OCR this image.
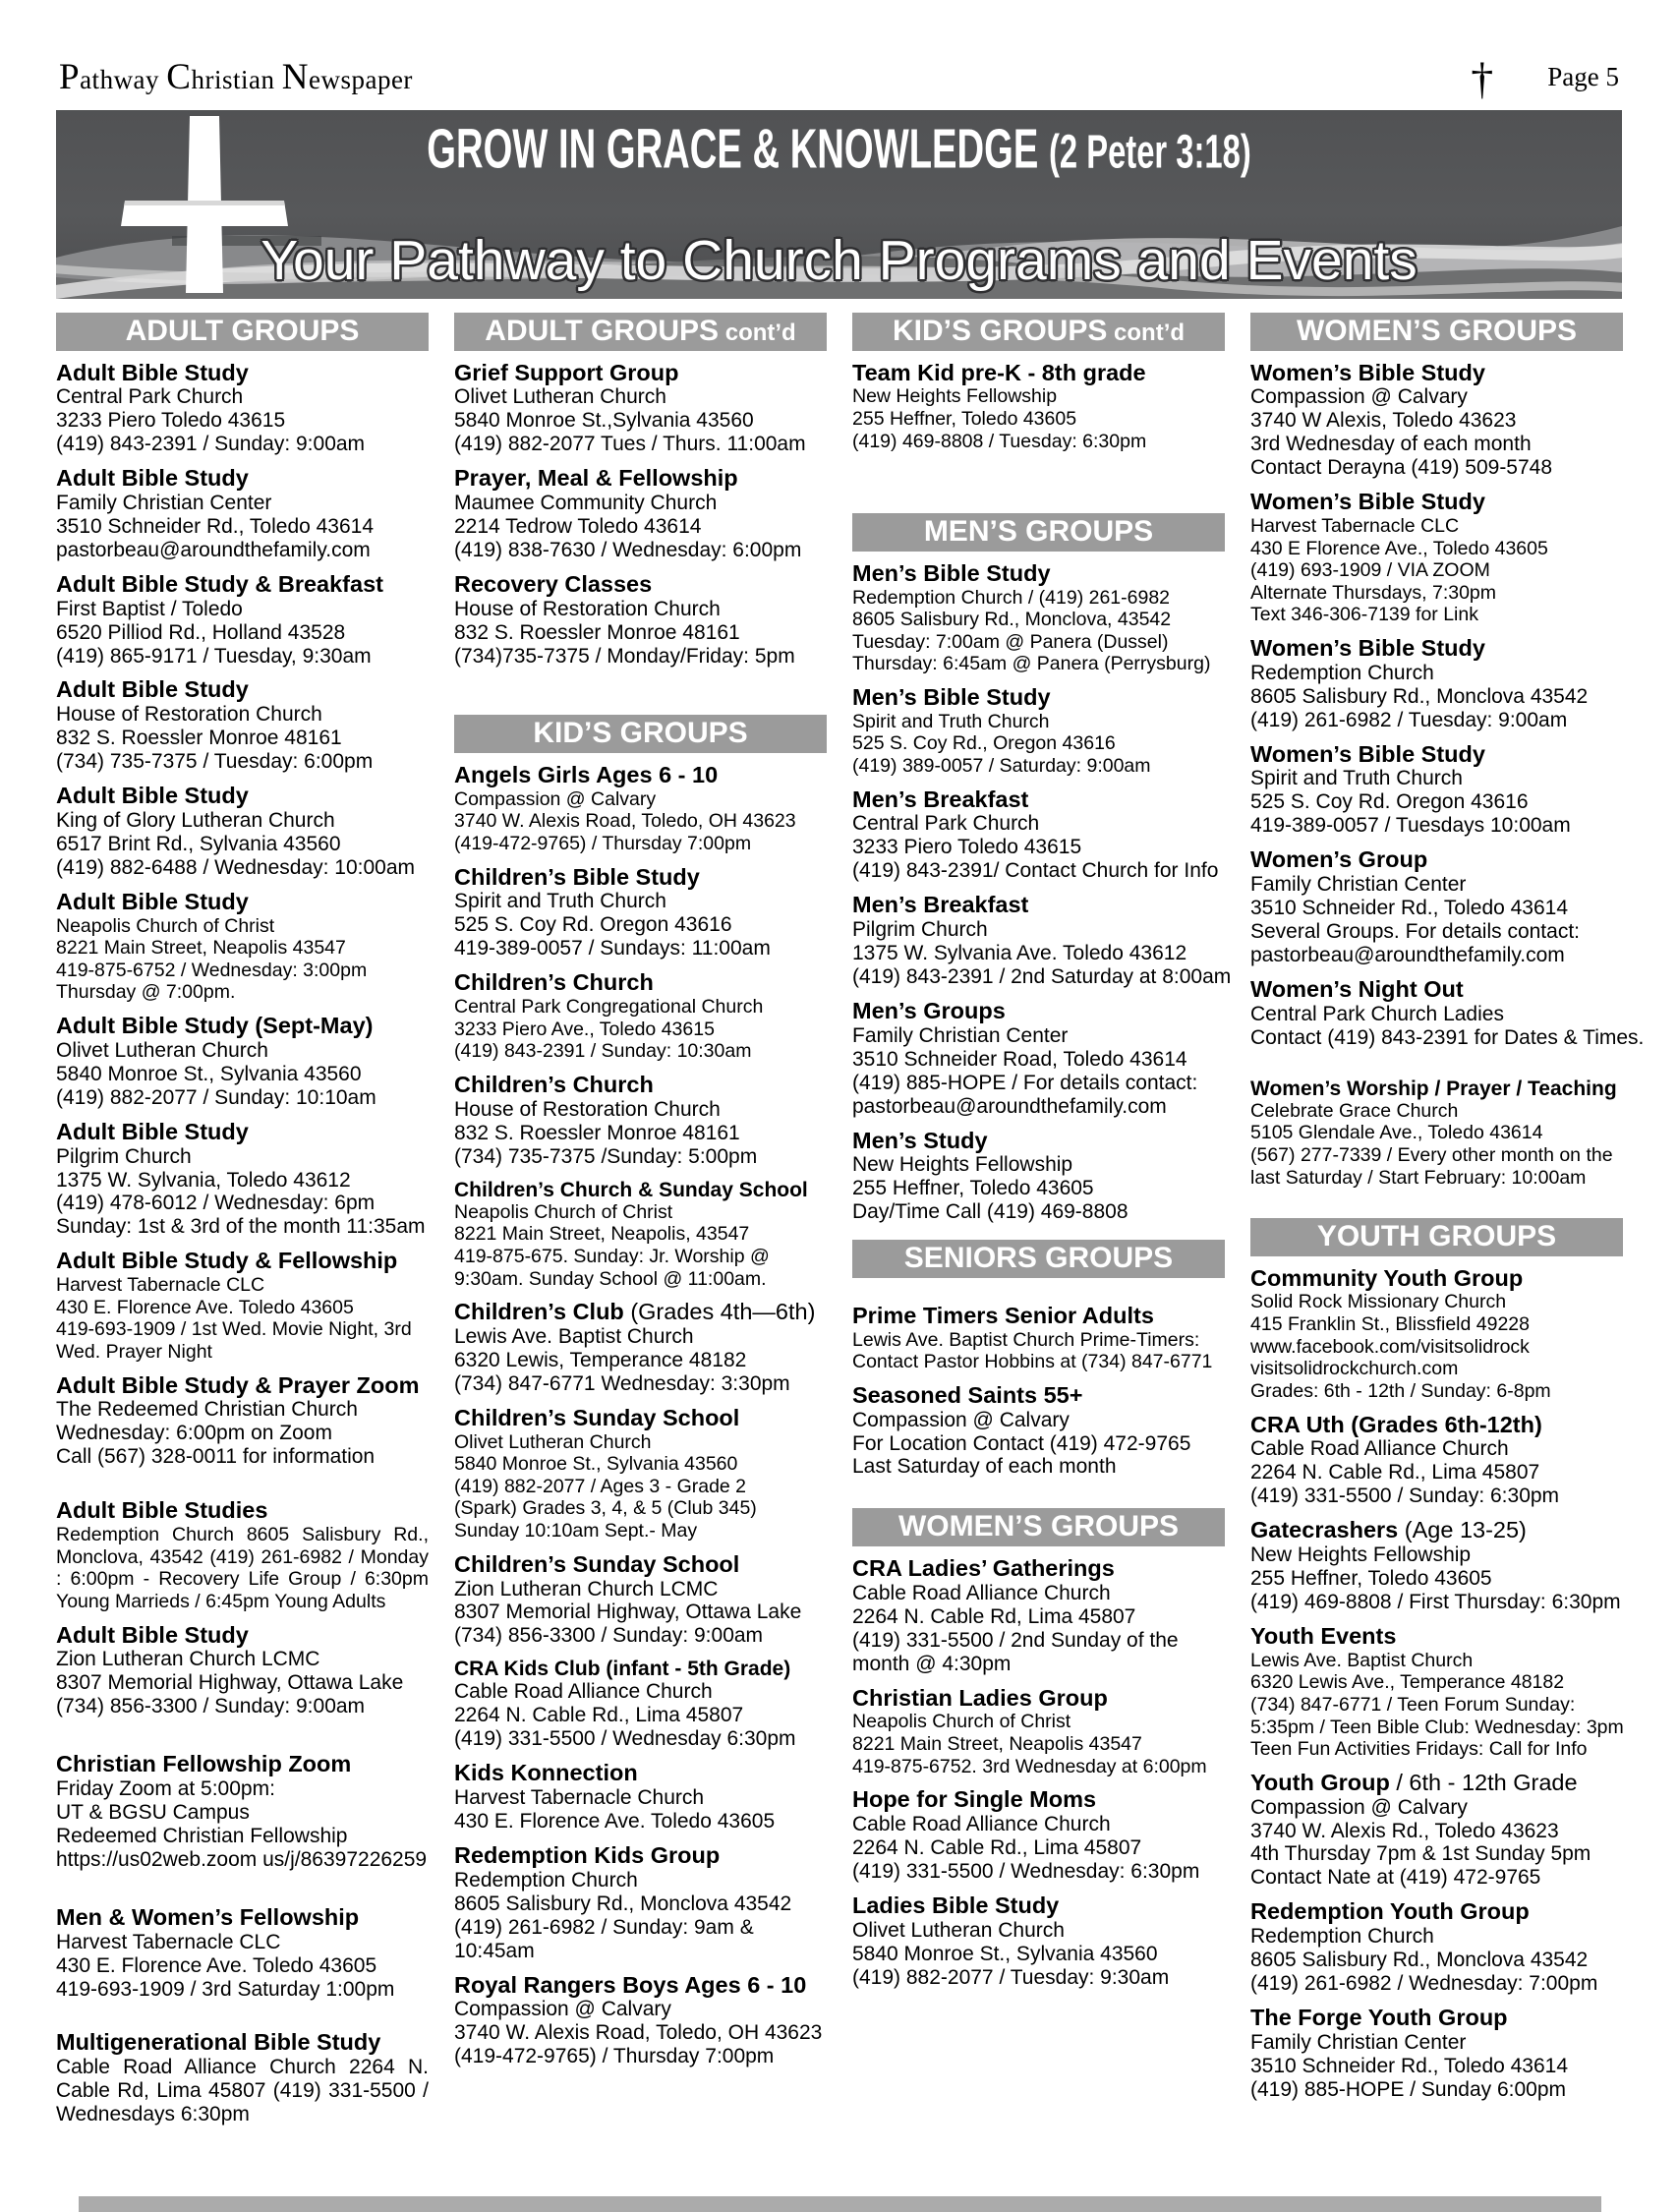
Pathway Christian Newspaper	† Page 5
GROW IN GRACE & KNOWLEDGE (2 Peter 3:18)
Your Pathway to Church Programs and Events
ADULT GROUPS
Adult Bible Study
Central Park Church
3233 Piero Toledo 43615
(419) 843-2391 / Sunday: 9:00am
Adult Bible Study
Family Christian Center
3510 Schneider Rd., Toledo 43614
pastorbeau@aroundthefamily.com
Adult Bible Study & Breakfast
First Baptist / Toledo
6520 Pilliod Rd., Holland 43528
(419) 865-9171 / Tuesday, 9:30am
Adult Bible Study
House of Restoration Church
832 S. Roessler Monroe 48161
(734) 735-7375 / Tuesday: 6:00pm
Adult Bible Study
King of Glory Lutheran Church
6517 Brint Rd., Sylvania 43560
(419) 882-6488 / Wednesday: 10:00am
Adult Bible Study
Neapolis Church of Christ
8221 Main Street, Neapolis 43547
419-875-6752 / Wednesday: 3:00pm
Thursday @ 7:00pm.
Adult Bible Study (Sept-May)
Olivet Lutheran Church
5840 Monroe St., Sylvania 43560
(419) 882-2077 / Sunday: 10:10am
Adult Bible Study
Pilgrim Church
1375 W. Sylvania, Toledo 43612
(419) 478-6012 / Wednesday: 6pm
Sunday: 1st & 3rd of the month 11:35am
Adult Bible Study & Fellowship
Harvest Tabernacle CLC
430 E. Florence Ave. Toledo 43605
419-693-1909 / 1st Wed. Movie Night, 3rd
Wed. Prayer Night
Adult Bible Study & Prayer Zoom
The Redeemed Christian Church
Wednesday: 6:00pm on Zoom
Call (567) 328-0011 for information
Adult Bible Studies
Redemption Church 8605 Salisbury Rd., Monclova, 43542 (419) 261-6982 / Monday : 6:00pm - Recovery Life Group / 6:30pm Young Marrieds / 6:45pm Young Adults
Adult Bible Study
Zion Lutheran Church LCMC
8307 Memorial Highway, Ottawa Lake
(734) 856-3300 / Sunday: 9:00am
Christian Fellowship Zoom
Friday Zoom at 5:00pm:
UT & BGSU Campus
Redeemed Christian Fellowship
https://us02web.zoom us/j/86397226259
Men & Women’s Fellowship
Harvest Tabernacle CLC
430 E. Florence Ave. Toledo 43605
419-693-1909 / 3rd Saturday 1:00pm
Multigenerational Bible Study
Cable Road Alliance Church 2264 N. Cable Rd, Lima 45807 (419) 331-5500 / Wednesdays 6:30pm
ADULT GROUPS cont’d
Grief Support Group
Olivet Lutheran Church
5840 Monroe St.,Sylvania 43560
(419) 882-2077 Tues / Thurs. 11:00am
Prayer, Meal & Fellowship
Maumee Community Church
2214 Tedrow Toledo 43614
(419) 838-7630 / Wednesday: 6:00pm
Recovery Classes
House of Restoration Church
832 S. Roessler Monroe 48161
(734)735-7375 / Monday/Friday: 5pm
KID’S GROUPS
Angels Girls Ages 6 - 10
Compassion @ Calvary
3740 W. Alexis Road, Toledo, OH 43623
(419-472-9765) / Thursday 7:00pm
Children’s Bible Study
Spirit and Truth Church
525 S. Coy Rd. Oregon 43616
419-389-0057 / Sundays: 11:00am
Children’s Church
Central Park Congregational Church
3233 Piero Ave., Toledo 43615
(419) 843-2391 / Sunday: 10:30am
Children’s Church
House of Restoration Church
832 S. Roessler Monroe 48161
(734) 735-7375 /Sunday: 5:00pm
Children’s Church & Sunday School
Neapolis Church of Christ
8221 Main Street, Neapolis, 43547
419-875-675. Sunday: Jr. Worship @
9:30am. Sunday School @ 11:00am.
Children’s Club (Grades 4th—6th)
Lewis Ave. Baptist Church
6320 Lewis, Temperance 48182
(734) 847-6771 Wednesday: 3:30pm
Children’s Sunday School
Olivet Lutheran Church
5840 Monroe St., Sylvania 43560
(419) 882-2077 / Ages 3 - Grade 2
(Spark) Grades 3, 4, & 5 (Club 345)
Sunday 10:10am Sept.- May
Children’s Sunday School
Zion Lutheran Church LCMC
8307 Memorial Highway, Ottawa Lake
(734) 856-3300 / Sunday: 9:00am
CRA Kids Club (infant - 5th Grade)
Cable Road Alliance Church
2264 N. Cable Rd., Lima 45807
(419) 331-5500 / Wednesday 6:30pm
Kids Konnection
Harvest Tabernacle Church
430 E. Florence Ave. Toledo 43605
Redemption Kids Group
Redemption Church
8605 Salisbury Rd., Monclova 43542
(419) 261-6982 / Sunday: 9am &
10:45am
Royal Rangers Boys Ages 6 - 10
Compassion @ Calvary
3740 W. Alexis Road, Toledo, OH 43623
(419-472-9765) / Thursday 7:00pm
KID’S GROUPS cont’d
Team Kid pre-K - 8th grade
New Heights Fellowship
255 Heffner, Toledo 43605
(419) 469-8808 / Tuesday: 6:30pm
MEN’S GROUPS
Men’s Bible Study
Redemption Church / (419) 261-6982
8605 Salisbury Rd., Monclova, 43542
Tuesday: 7:00am @ Panera (Dussel)
Thursday: 6:45am @ Panera (Perrysburg)
Men’s Bible Study
Spirit and Truth Church
525 S. Coy Rd., Oregon 43616
(419) 389-0057 / Saturday: 9:00am
Men’s Breakfast
Central Park Church
3233 Piero Toledo 43615
(419) 843-2391/ Contact Church for Info
Men’s Breakfast
Pilgrim Church
1375 W. Sylvania Ave. Toledo 43612
(419) 843-2391 / 2nd Saturday at 8:00am
Men’s Groups
Family Christian Center
3510 Schneider Road, Toledo 43614
(419) 885-HOPE / For details contact:
pastorbeau@aroundthefamily.com
Men’s Study
New Heights Fellowship
255 Heffner, Toledo 43605
Day/Time Call (419) 469-8808
SENIORS GROUPS
Prime Timers Senior Adults
Lewis Ave. Baptist Church Prime-Timers:
Contact Pastor Hobbins at (734) 847-6771
Seasoned Saints 55+
Compassion @ Calvary
For Location Contact (419) 472-9765
Last Saturday of each month
WOMEN’S GROUPS
CRA Ladies’ Gatherings
Cable Road Alliance Church
2264 N. Cable Rd, Lima 45807
(419) 331-5500 / 2nd Sunday of the
month @ 4:30pm
Christian Ladies Group
Neapolis Church of Christ
8221 Main Street, Neapolis 43547
419-875-6752. 3rd Wednesday at 6:00pm
Hope for Single Moms
Cable Road Alliance Church
2264 N. Cable Rd., Lima 45807
(419) 331-5500 / Wednesday: 6:30pm
Ladies Bible Study
Olivet Lutheran Church
5840 Monroe St., Sylvania 43560
(419) 882-2077 / Tuesday: 9:30am
WOMEN’S GROUPS
Women’s Bible Study
Compassion @ Calvary
3740 W Alexis, Toledo 43623
3rd Wednesday of each month
Contact Derayna (419) 509-5748
Women’s Bible Study
Harvest Tabernacle CLC
430 E Florence Ave., Toledo 43605
(419) 693-1909 / VIA ZOOM
Alternate Thursdays, 7:30pm
Text 346-306-7139 for Link
Women’s Bible Study
Redemption Church
8605 Salisbury Rd., Monclova 43542
(419) 261-6982 / Tuesday: 9:00am
Women’s Bible Study
Spirit and Truth Church
525 S. Coy Rd. Oregon 43616
419-389-0057 / Tuesdays 10:00am
Women’s Group
Family Christian Center
3510 Schneider Rd., Toledo 43614
Several Groups. For details contact:
pastorbeau@aroundthefamily.com
Women’s Night Out
Central Park Church Ladies
Contact (419) 843-2391 for Dates & Times.
Women’s Worship / Prayer / Teaching
Celebrate Grace Church
5105 Glendale Ave., Toledo 43614
(567) 277-7339 / Every other month on the
last Saturday / Start February: 10:00am
YOUTH GROUPS
Community Youth Group
Solid Rock Missionary Church
415 Franklin St., Blissfield 49228
www.facebook.com/visitsolidrock
visitsolidrockchurch.com
Grades: 6th - 12th / Sunday: 6-8pm
CRA Uth (Grades 6th-12th)
Cable Road Alliance Church
2264 N. Cable Rd., Lima 45807
(419) 331-5500 / Sunday: 6:30pm
Gatecrashers (Age 13-25)
New Heights Fellowship
255 Heffner, Toledo 43605
(419) 469-8808 / First Thursday: 6:30pm
Youth Events
Lewis Ave. Baptist Church
6320 Lewis Ave., Temperance 48182
(734) 847-6771 / Teen Forum Sunday:
5:35pm / Teen Bible Club: Wednesday: 3pm
Teen Fun Activities Fridays: Call for Info
Youth Group / 6th - 12th Grade
Compassion @ Calvary
3740 W. Alexis Rd., Toledo 43623
4th Thursday 7pm & 1st Sunday 5pm
Contact Nate at (419) 472-9765
Redemption Youth Group
Redemption Church
8605 Salisbury Rd., Monclova 43542
(419) 261-6982 / Wednesday: 7:00pm
The Forge Youth Group
Family Christian Center
3510 Schneider Rd., Toledo 43614
(419) 885-HOPE / Sunday 6:00pm
